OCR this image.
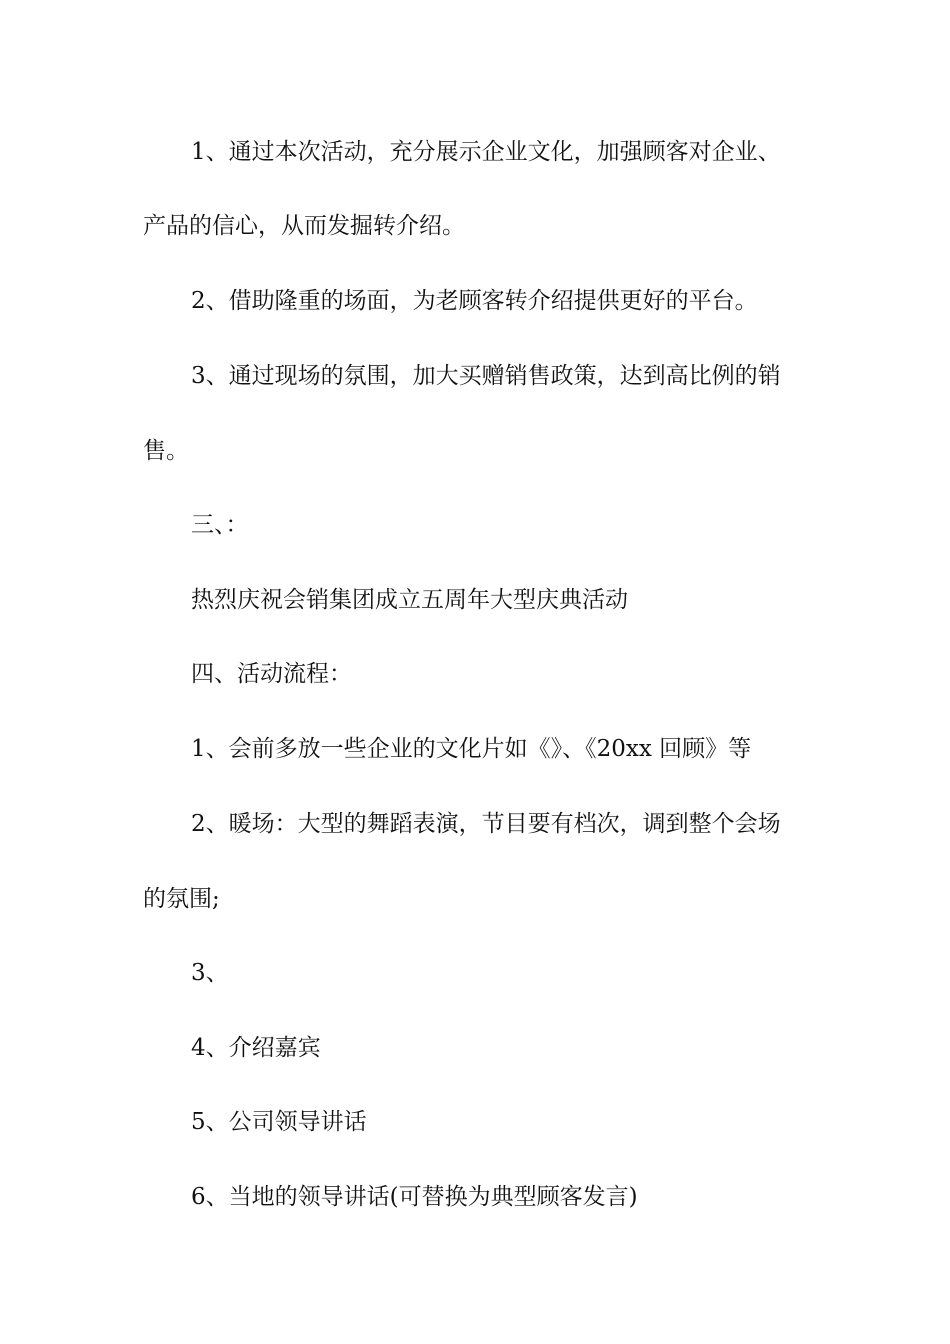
1、通过本次活动，充分展示企业文化，加强顾客对企业、
产品的信心，从而发掘转介绍。
2、借助隆重的场面，为老顾客转介绍提供更好的平台。
3、通过现场的氛围，加大买赠销售政策，达到高比例的销
售。
三、：
热烈庆祝会销集团成立五周年大型庆典活动
四、活动流程：
1、会前多放一些企业的文化片如《》、《20xx 回顾》等
2、暖场：大型的舞蹈表演，节目要有档次，调到整个会场
的氛围;
3、
4、介绍嘉宾
5、公司领导讲话
6、当地的领导讲话(可替换为典型顾客发言)
